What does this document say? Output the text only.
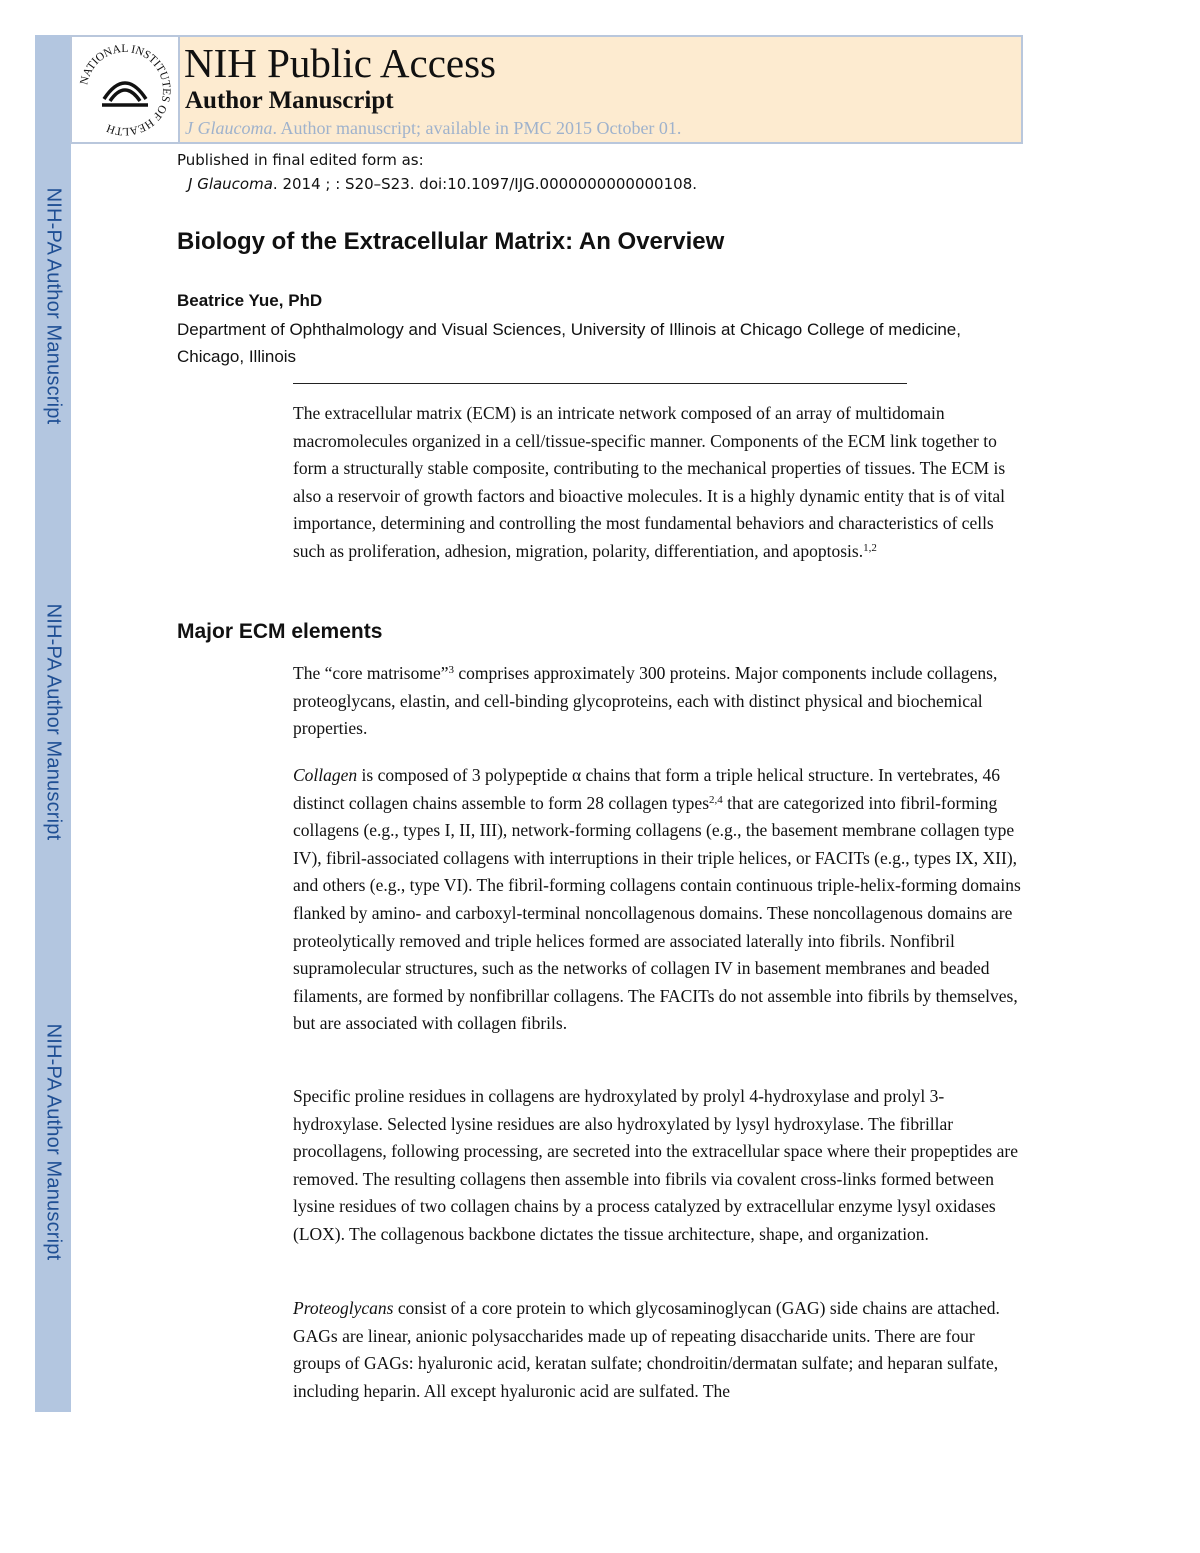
NIH-PA Author Manuscript
NIH-PA Author Manuscript
NIH-PA Author Manuscript
NATIONAL INSTITUTES OF HEALTH
NIH Public Access
Author Manuscript
J Glaucoma. Author manuscript; available in PMC 2015 October 01.
Published in final edited form as:
J Glaucoma. 2014 ; : S20–S23. doi:10.1097/IJG.0000000000000108.
Biology of the Extracellular Matrix: An Overview
Beatrice Yue, PhD
Department of Ophthalmology and Visual Sciences, University of Illinois at Chicago College of medicine, Chicago, Illinois

The extracellular matrix (ECM) is an intricate network composed of an array of multidomain macromolecules organized in a cell/tissue-specific manner. Components of the ECM link together to form a structurally stable composite, contributing to the mechanical properties of tissues. The ECM is also a reservoir of growth factors and bioactive molecules. It is a highly dynamic entity that is of vital importance, determining and controlling the most fundamental behaviors and characteristics of cells such as proliferation, adhesion, migration, polarity, differentiation, and apoptosis.$^{1,2}$

Major ECM elements

The “core matrisome”$^3$ comprises approximately 300 proteins. Major components include collagens, proteoglycans, elastin, and cell-binding glycoproteins, each with distinct physical and biochemical properties.

Collagen is composed of 3 polypeptide α chains that form a triple helical structure. In vertebrates, 46 distinct collagen chains assemble to form 28 collagen types$^{2,4}$ that are categorized into fibril-forming collagens (e.g., types I, II, III), network-forming collagens (e.g., the basement membrane collagen type IV), fibril-associated collagens with interruptions in their triple helices, or FACITs (e.g., types IX, XII), and others (e.g., type VI). The fibril-forming collagens contain continuous triple-helix-forming domains flanked by amino- and carboxyl-terminal noncollagenous domains. These noncollagenous domains are proteolytically removed and triple helices formed are associated laterally into fibrils. Nonfibril supramolecular structures, such as the networks of collagen IV in basement membranes and beaded filaments, are formed by nonfibrillar collagens. The FACITs do not assemble into fibrils by themselves, but are associated with collagen fibrils.

Specific proline residues in collagens are hydroxylated by prolyl 4-hydroxylase and prolyl 3-hydroxylase. Selected lysine residues are also hydroxylated by lysyl hydroxylase. The fibrillar procollagens, following processing, are secreted into the extracellular space where their propeptides are removed. The resulting collagens then assemble into fibrils via covalent cross-links formed between lysine residues of two collagen chains by a process catalyzed by extracellular enzyme lysyl oxidases (LOX). The collagenous backbone dictates the tissue architecture, shape, and organization.

Proteoglycans consist of a core protein to which glycosaminoglycan (GAG) side chains are attached. GAGs are linear, anionic polysaccharides made up of repeating disaccharide units. There are four groups of GAGs: hyaluronic acid, keratan sulfate; chondroitin/dermatan sulfate; and heparan sulfate, including heparin. All except hyaluronic acid are sulfated. The
